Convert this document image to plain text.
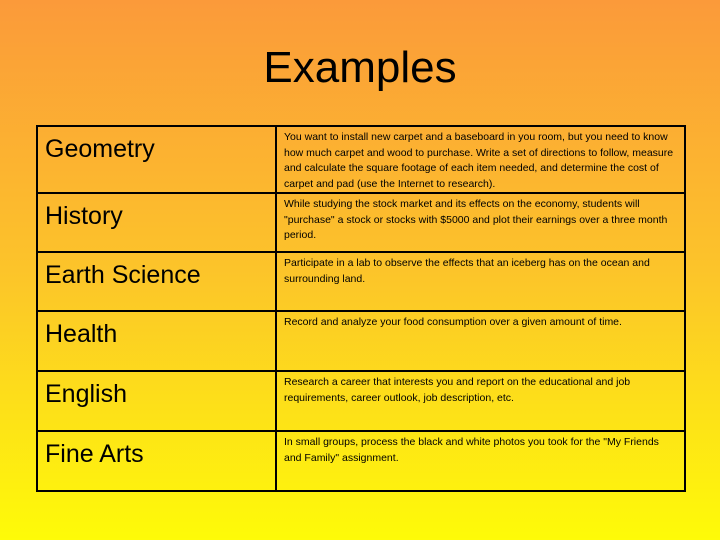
Examples
Geometry	You want to install new carpet and a baseboard in you room, but you need to know how much carpet and wood to purchase. Write a set of directions to follow, measure and calculate the square footage of each item needed, and determine the cost of carpet and pad (use the Internet to research).
History	While studying the stock market and its effects on the economy, students will "purchase" a stock or stocks with $5000 and plot their earnings over a three month period.
Earth Science	Participate in a lab to observe the effects that an iceberg has on the ocean and surrounding land.
Health	Record and analyze your food consumption over a given amount of time.
English	Research a career that interests you and report on the educational and job requirements, career outlook, job description, etc.
Fine Arts	In small groups, process the black and white photos you took for the "My Friends and Family" assignment.
